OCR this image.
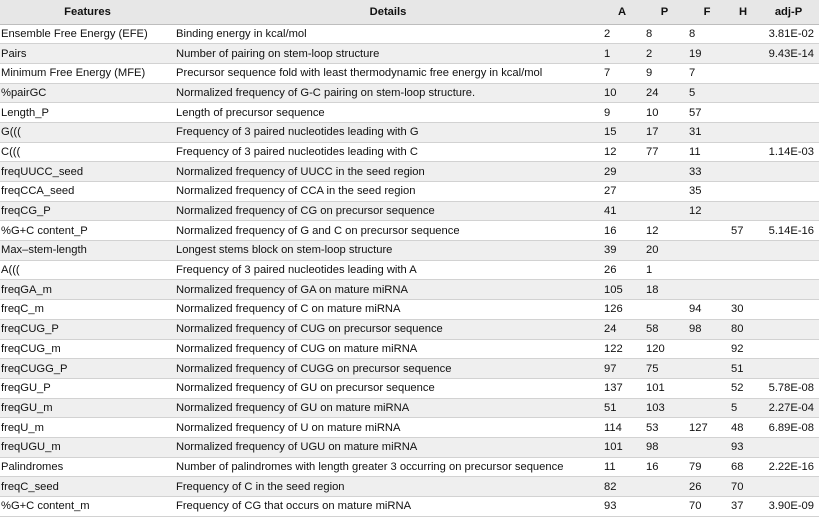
Features	Details	A	P	F	H	adj-P
Ensemble Free Energy (EFE)	Binding energy in kcal/mol	2	8	8		3.81E-02
Pairs	Number of pairing on stem-loop structure	1	2	19		9.43E-14
Minimum Free Energy (MFE)	Precursor sequence fold with least thermodynamic free energy in kcal/mol	7	9	7		
%pairGC	Normalized frequency of G-C pairing on stem-loop structure.	10	24	5		
Length_P	Length of precursor sequence	9	10	57		
G(((	Frequency of 3 paired nucleotides leading with G	15	17	31		
C(((	Frequency of 3 paired nucleotides leading with C	12	77	11		1.14E-03
freqUUCC_seed	Normalized frequency of UUCC in the seed region	29		33		
freqCCA_seed	Normalized frequency of CCA in the seed region	27		35		
freqCG_P	Normalized frequency of CG on precursor sequence	41		12		
%G+C content_P	Normalized frequency of G and C on precursor sequence	16	12		57	5.14E-16
Max–stem-length	Longest stems block on stem-loop structure	39	20			
A(((	Frequency of 3 paired nucleotides leading with A	26	1			
freqGA_m	Normalized frequency of GA on mature miRNA	105	18			
freqC_m	Normalized frequency of C on mature miRNA	126		94	30	
freqCUG_P	Normalized frequency of CUG on precursor sequence	24	58	98	80	
freqCUG_m	Normalized frequency of CUG on mature miRNA	122	120		92	
freqCUGG_P	Normalized frequency of CUGG on precursor sequence	97	75		51	
freqGU_P	Normalized frequency of GU on precursor sequence	137	101		52	5.78E-08
freqGU_m	Normalized frequency of GU on mature miRNA	51	103		5	2.27E-04
freqU_m	Normalized frequency of U on mature miRNA	114	53	127	48	6.89E-08
freqUGU_m	Normalized frequency of UGU on mature miRNA	101	98		93	
Palindromes	Number of palindromes with length greater 3 occurring on precursor sequence	11	16	79	68	2.22E-16
freqC_seed	Frequency of C in the seed region	82		26	70	
%G+C content_m	Frequency of CG that occurs on mature miRNA	93		70	37	3.90E-09
